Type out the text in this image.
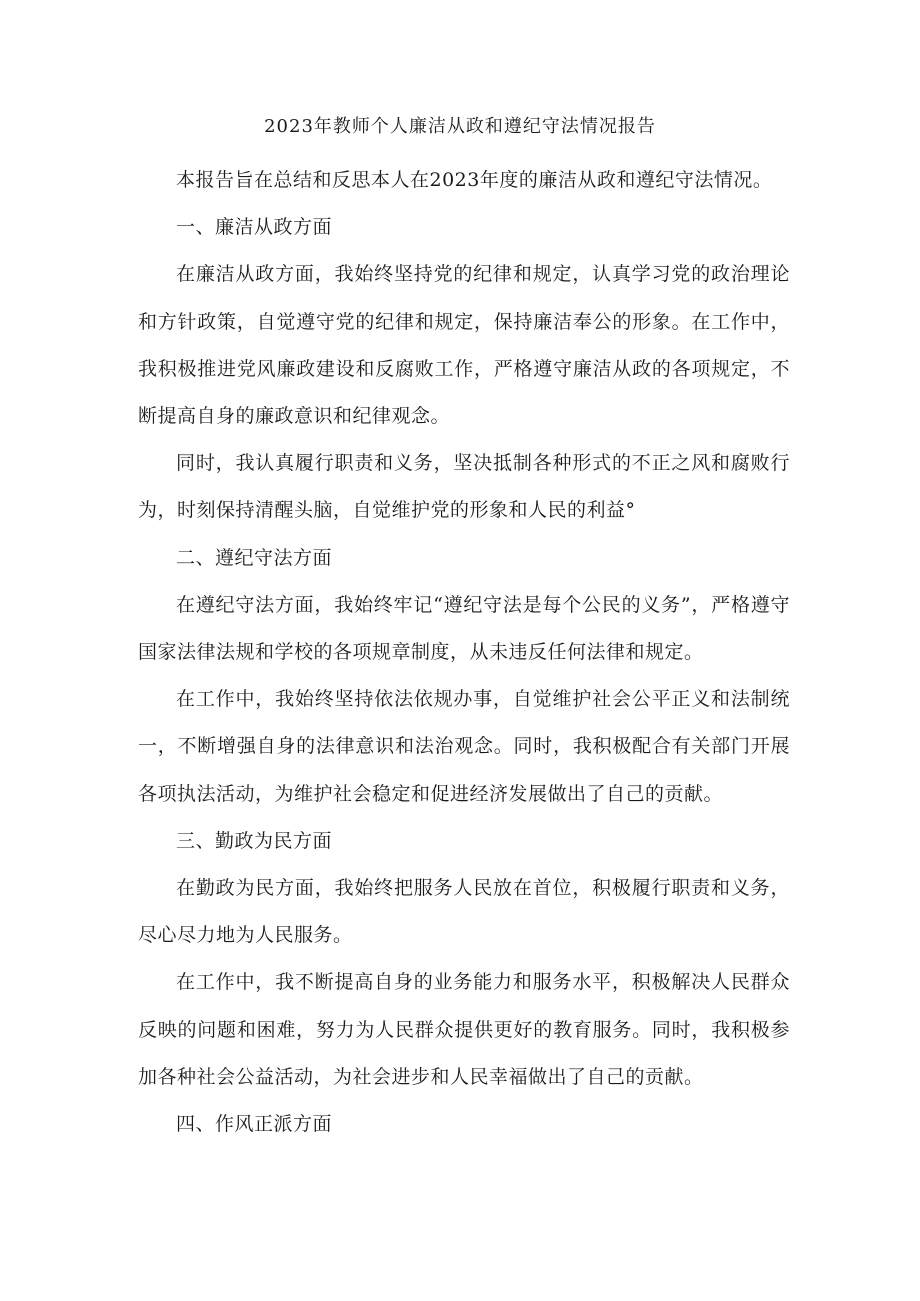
2023年教师个人廉洁从政和遵纪守法情况报告

本报告旨在总结和反思本人在2023年度的廉洁从政和遵纪守法情况。

一、廉洁从政方面

在廉洁从政方面，我始终坚持党的纪律和规定，认真学习党的政治理论和方针政策，自觉遵守党的纪律和规定，保持廉洁奉公的形象。在工作中，我积极推进党风廉政建设和反腐败工作，严格遵守廉洁从政的各项规定，不断提高自身的廉政意识和纪律观念。

同时，我认真履行职责和义务，坚决抵制各种形式的不正之风和腐败行为，时刻保持清醒头脑，自觉维护党的形象和人民的利益°

二、遵纪守法方面

在遵纪守法方面，我始终牢记“遵纪守法是每个公民的义务”，严格遵守国家法律法规和学校的各项规章制度，从未违反任何法律和规定。

在工作中，我始终坚持依法依规办事，自觉维护社会公平正义和法制统一，不断增强自身的法律意识和法治观念。同时，我积极配合有关部门开展各项执法活动，为维护社会稳定和促进经济发展做出了自己的贡献。

三、勤政为民方面

在勤政为民方面，我始终把服务人民放在首位，积极履行职责和义务，尽心尽力地为人民服务。

在工作中，我不断提高自身的业务能力和服务水平，积极解决人民群众反映的问题和困难，努力为人民群众提供更好的教育服务。同时，我积极参加各种社会公益活动，为社会进步和人民幸福做出了自己的贡献。

四、作风正派方面
